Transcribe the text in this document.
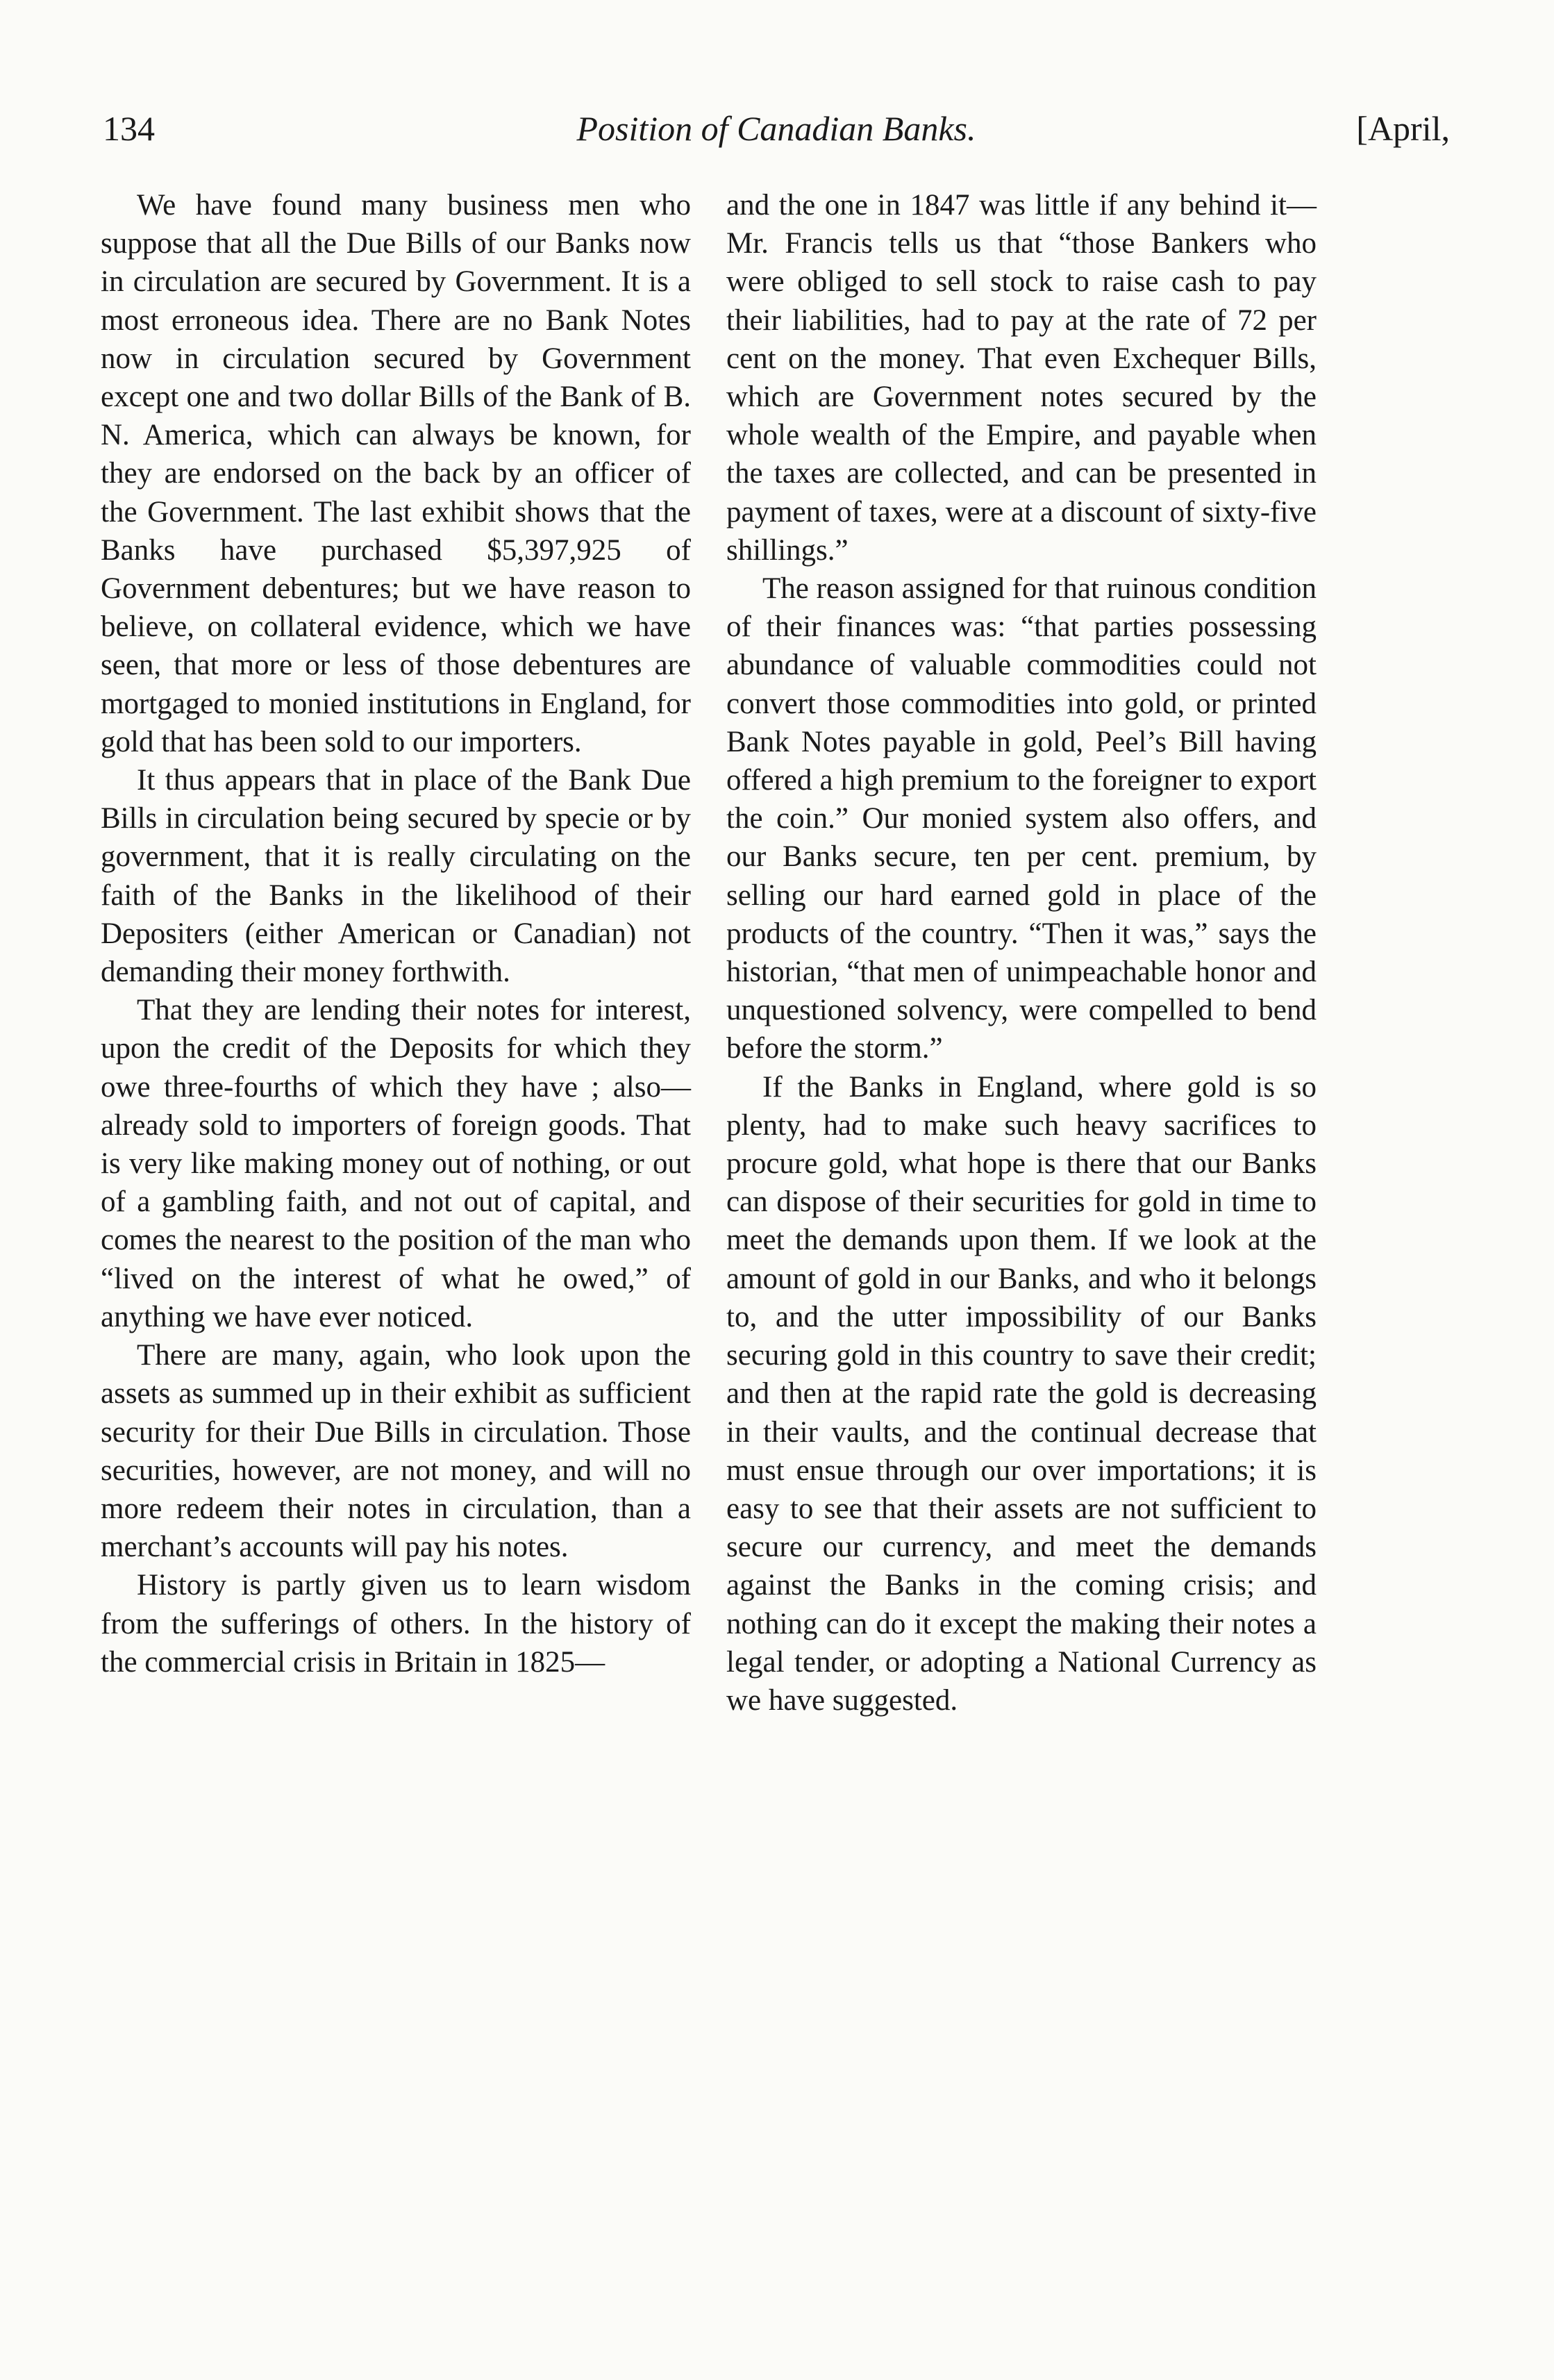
134	Position of Canadian Banks.	[April,

We have found many business men who suppose that all the Due Bills of our Banks now in circulation are secured by Government. It is a most erroneous idea. There are no Bank Notes now in circulation secured by Government except one and two dollar Bills of the Bank of B. N. America, which can always be known, for they are endorsed on the back by an officer of the Government. The last exhibit shows that the Banks have purchased $5,397,925 of Government debentures; but we have reason to believe, on collateral evidence, which we have seen, that more or less of those debentures are mortgaged to monied institutions in England, for gold that has been sold to our importers.

It thus appears that in place of the Bank Due Bills in circulation being secured by specie or by government, that it is really circulating on the faith of the Banks in the likelihood of their Depositers (either American or Canadian) not demanding their money forthwith.

That they are lending their notes for interest, upon the credit of the Deposits for which they owe three-fourths of which they have ; also— already sold to importers of foreign goods. That is very like making money out of nothing, or out of a gambling faith, and not out of capital, and comes the nearest to the position of the man who “lived on the interest of what he owed,” of anything we have ever noticed.

There are many, again, who look upon the assets as summed up in their exhibit as sufficient security for their Due Bills in circulation. Those securities, however, are not money, and will no more redeem their notes in circulation, than a merchant’s accounts will pay his notes.

History is partly given us to learn wisdom from the sufferings of others. In the history of the commercial crisis in Britain in 1825—

and the one in 1847 was little if any behind it—Mr. Francis tells us that “those Bankers who were obliged to sell stock to raise cash to pay their liabilities, had to pay at the rate of 72 per cent on the money. That even Exchequer Bills, which are Government notes secured by the whole wealth of the Empire, and payable when the taxes are collected, and can be presented in payment of taxes, were at a discount of sixty-five shillings.”

The reason assigned for that ruinous condition of their finances was: “that parties possessing abundance of valuable commodities could not convert those commodities into gold, or printed Bank Notes payable in gold, Peel’s Bill having offered a high premium to the foreigner to export the coin.” Our monied system also offers, and our Banks secure, ten per cent. premium, by selling our hard earned gold in place of the products of the country. “Then it was,” says the historian, “that men of unimpeachable honor and unquestioned solvency, were compelled to bend before the storm.”

If the Banks in England, where gold is so plenty, had to make such heavy sacrifices to procure gold, what hope is there that our Banks can dispose of their securities for gold in time to meet the demands upon them. If we look at the amount of gold in our Banks, and who it belongs to, and the utter impossibility of our Banks securing gold in this country to save their credit; and then at the rapid rate the gold is decreasing in their vaults, and the continual decrease that must ensue through our over importations; it is easy to see that their assets are not sufficient to secure our currency, and meet the demands against the Banks in the coming crisis; and nothing can do it except the making their notes a legal tender, or adopting a National Currency as we have suggested.
